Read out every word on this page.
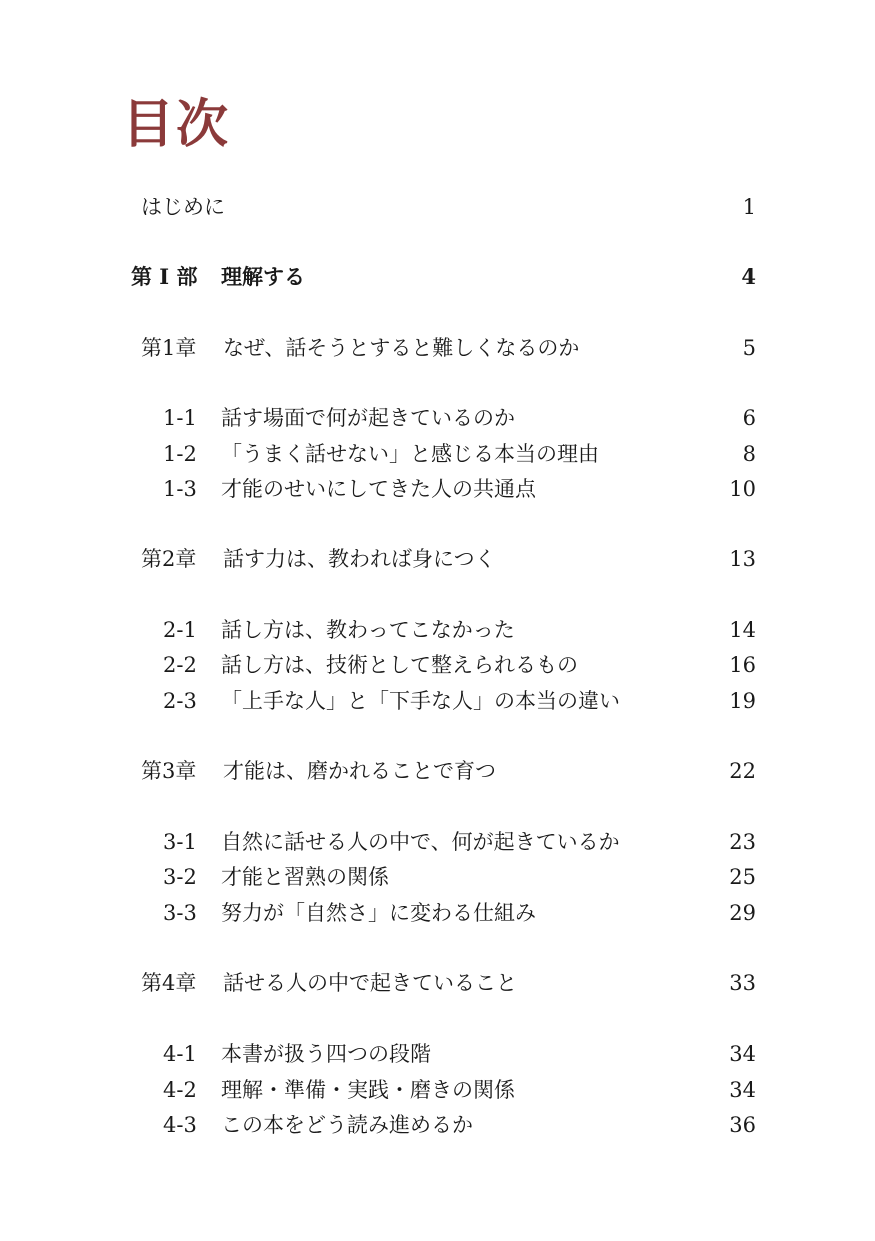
目次
はじめに	1
第 I 部 理解する	4
第1章 なぜ、話そうとすると難しくなるのか	5
1-1 話す場面で何が起きているのか	6
1-2 「うまく話せない」と感じる本当の理由	8
1-3 才能のせいにしてきた人の共通点	10
第2章 話す力は、教われば身につく	13
2-1 話し方は、教わってこなかった	14
2-2 話し方は、技術として整えられるもの	16
2-3 「上手な人」と「下手な人」の本当の違い	19
第3章 才能は、磨かれることで育つ	22
3-1 自然に話せる人の中で、何が起きているか	23
3-2 才能と習熟の関係	25
3-3 努力が「自然さ」に変わる仕組み	29
第4章 話せる人の中で起きていること	33
4-1 本書が扱う四つの段階	34
4-2 理解・準備・実践・磨きの関係	34
4-3 この本をどう読み進めるか	36
